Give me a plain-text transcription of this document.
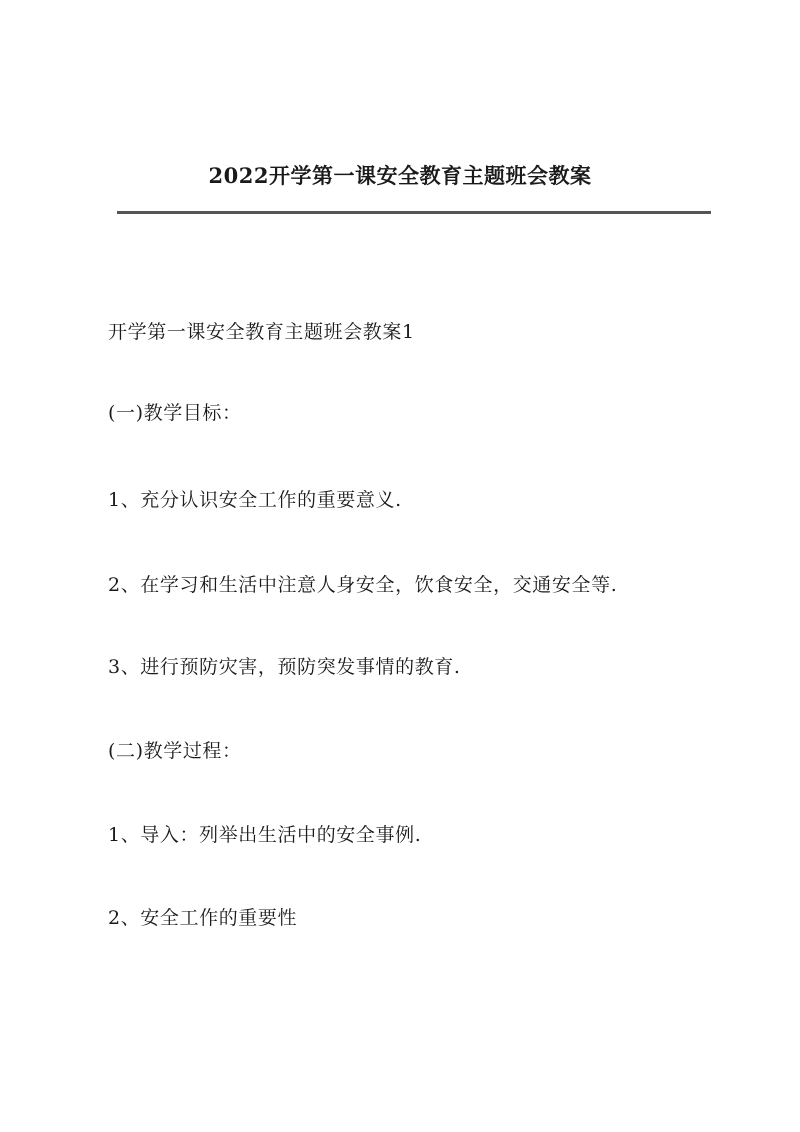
2022开学第一课安全教育主题班会教案
开学第一课安全教育主题班会教案1
(一)教学目标：
1、充分认识安全工作的重要意义.
2、在学习和生活中注意人身安全，饮食安全，交通安全等.
3、进行预防灾害，预防突发事情的教育.
(二)教学过程：
1、导入：列举出生活中的安全事例.
2、安全工作的重要性
